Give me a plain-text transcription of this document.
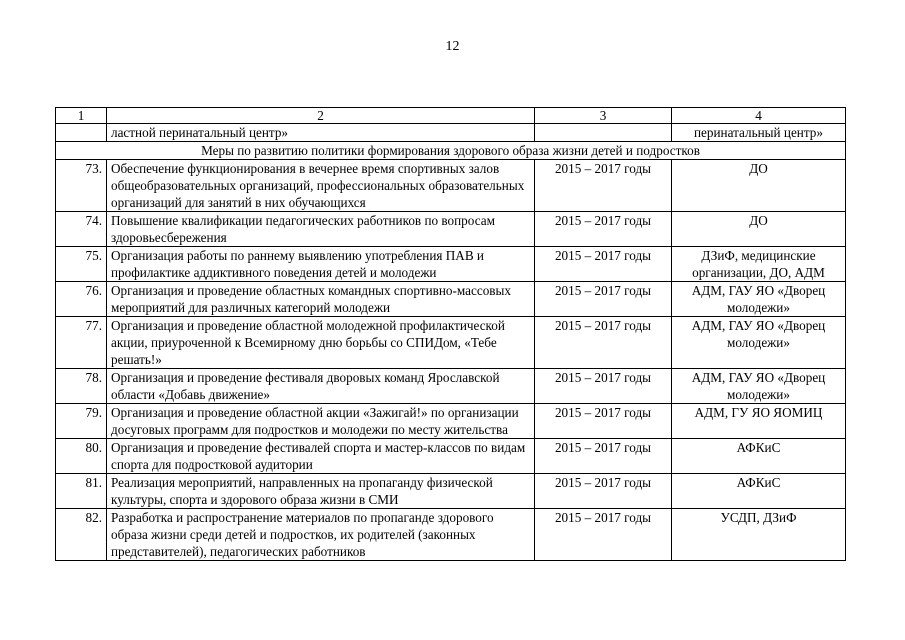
12
1	2	3	4
	ластной перинатальный центр»		перинатальный центр»
Меры по развитию политики формирования здорового образа жизни детей и подростков			
73.	Обеспечение функционирования в вечернее время спортивных залов общеобразовательных организаций, профессиональных образовательных организаций для занятий в них обучающихся	2015 – 2017 годы	ДО
74.	Повышение квалификации педагогических работников по вопросам здоровьесбережения	2015 – 2017 годы	ДО
75.	Организация работы по раннему выявлению употребления ПАВ и профилактике аддиктивного поведения детей и молодежи	2015 – 2017 годы	ДЗиФ, медицинские организации, ДО, АДМ
76.	Организация и проведение областных командных спортивно-массовых мероприятий для различных категорий молодежи	2015 – 2017 годы	АДМ, ГАУ ЯО «Дворец молодежи»
77.	Организация и проведение областной молодежной профилактической акции, приуроченной к Всемирному дню борьбы со СПИДом, «Тебе решать!»	2015 – 2017 годы	АДМ, ГАУ ЯО «Дворец молодежи»
78.	Организация и проведение фестиваля дворовых команд Ярославской области «Добавь движение»	2015 – 2017 годы	АДМ, ГАУ ЯО «Дворец молодежи»
79.	Организация и проведение областной акции «Зажигай!» по организации досуговых программ для подростков и молодежи по месту жительства	2015 – 2017 годы	АДМ, ГУ ЯО ЯОМИЦ
80.	Организация и проведение фестивалей спорта и мастер-классов по видам спорта для подростковой аудитории	2015 – 2017 годы	АФКиС
81.	Реализация мероприятий, направленных на пропаганду физической культуры, спорта и здорового образа жизни в СМИ	2015 – 2017 годы	АФКиС
82.	Разработка и распространение материалов по пропаганде здорового образа жизни среди детей и подростков, их родителей (законных представителей), педагогических работников	2015 – 2017 годы	УСДП, ДЗиФ
